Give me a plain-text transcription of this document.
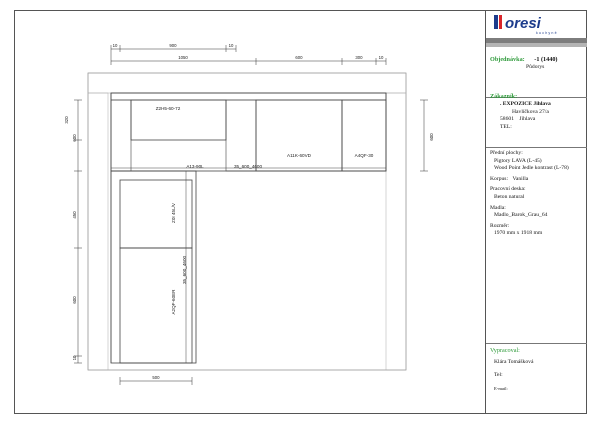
10	900	10
1050	600	300	10
320
600
450
600
10
600
500
Z2H5-60-72
A13-90L	35_600_4600
A11K-60VD	A4QF-30
Z0I 45L/V
A2QF-60ER
35_600_4600
oresi
kuchyně
Objednávka: -1 (1440)
Půdorys
Zákazník:
. EXPOZICE Jihlava
Havlíčkova 27/a
58601 Jihlava
TEL:
Přední plochy:
Pigtory LAVA (L-45)
Wood Point Jedle kontrast (L-78)
Korpus: Vanilla
Pracovní deska:
Beton natural
Madla:
Madlo_Barok_Grau_64
Rozměr:
1970 mm x 1918 mm
Vypracoval:
Klára Tomášková
Tel:
E-mail:
